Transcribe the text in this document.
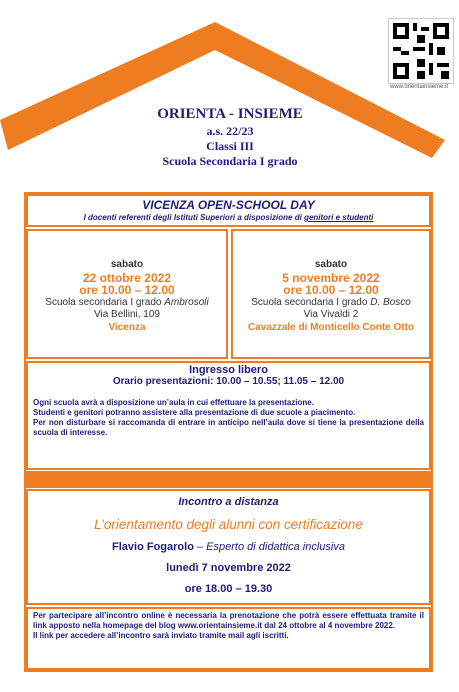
www.orientainsieme.it
ORIENTA - INSIEME
a.s. 22/23
Classi III
Scuola Secondaria I grado
VICENZA OPEN-SCHOOL DAY
I docenti referenti degli Istituti Superiori a disposizione di genitori e studenti
sabato
22 ottobre 2022
ore 10.00 – 12.00
Scuola secondaria I grado Ambrosoli
Via Bellini, 109
Vicenza
sabato
5 novembre 2022
ore 10.00 – 12.00
Scuola secondaria I grado D. Bosco
Via Vivaldi 2
Cavazzale di Monticello Conte Otto
Ingresso libero
Orario presentazioni: 10.00 – 10.55; 11.05 – 12.00

Ogni scuola avrà a disposizione un’aula in cui effettuare la presentazione.

Studenti e genitori potranno assistere alla presentazione di due scuole a piacimento.

Per non disturbare si raccomanda di entrare in anticipo nell’aula dove si tiene la presentazione della scuola di interesse.

Incontro a distanza
L’orientamento degli alunni con certificazione
Flavio Fogarolo – Esperto di didattica inclusiva
lunedì 7 novembre 2022
ore 18.00 – 19.30

Per partecipare all’incontro online è necessaria la prenotazione che potrà essere effettuata tramite il link apposto nella homepage del blog www.orientainsieme.it dal 24 ottobre al 4 novembre 2022.

Il link per accedere all’incontro sarà inviato tramite mail agli iscritti.
